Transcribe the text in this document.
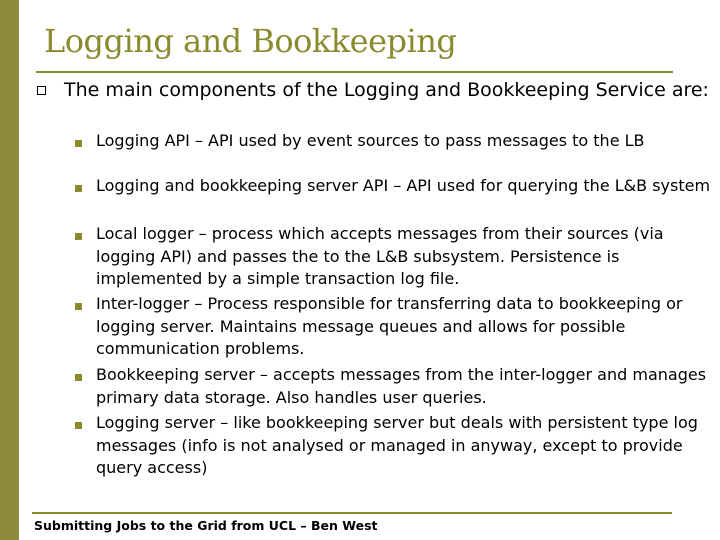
Logging and Bookkeeping
The main components of the Logging and Bookkeeping Service are:
Logging API – API used by event sources to pass messages to the LB
Logging and bookkeeping server API – API used for querying the L&B system
Local logger – process which accepts messages from their sources (via logging API) and passes the to the L&B subsystem. Persistence is implemented by a simple transaction log file.
Inter-logger – Process responsible for transferring data to bookkeeping or logging server. Maintains message queues and allows for possible communication problems.
Bookkeeping server – accepts messages from the inter-logger and manages primary data storage. Also handles user queries.
Logging server – like bookkeeping server but deals with persistent type log messages (info is not analysed or managed in anyway, except to provide query access)
Submitting Jobs to the Grid from UCL – Ben West
